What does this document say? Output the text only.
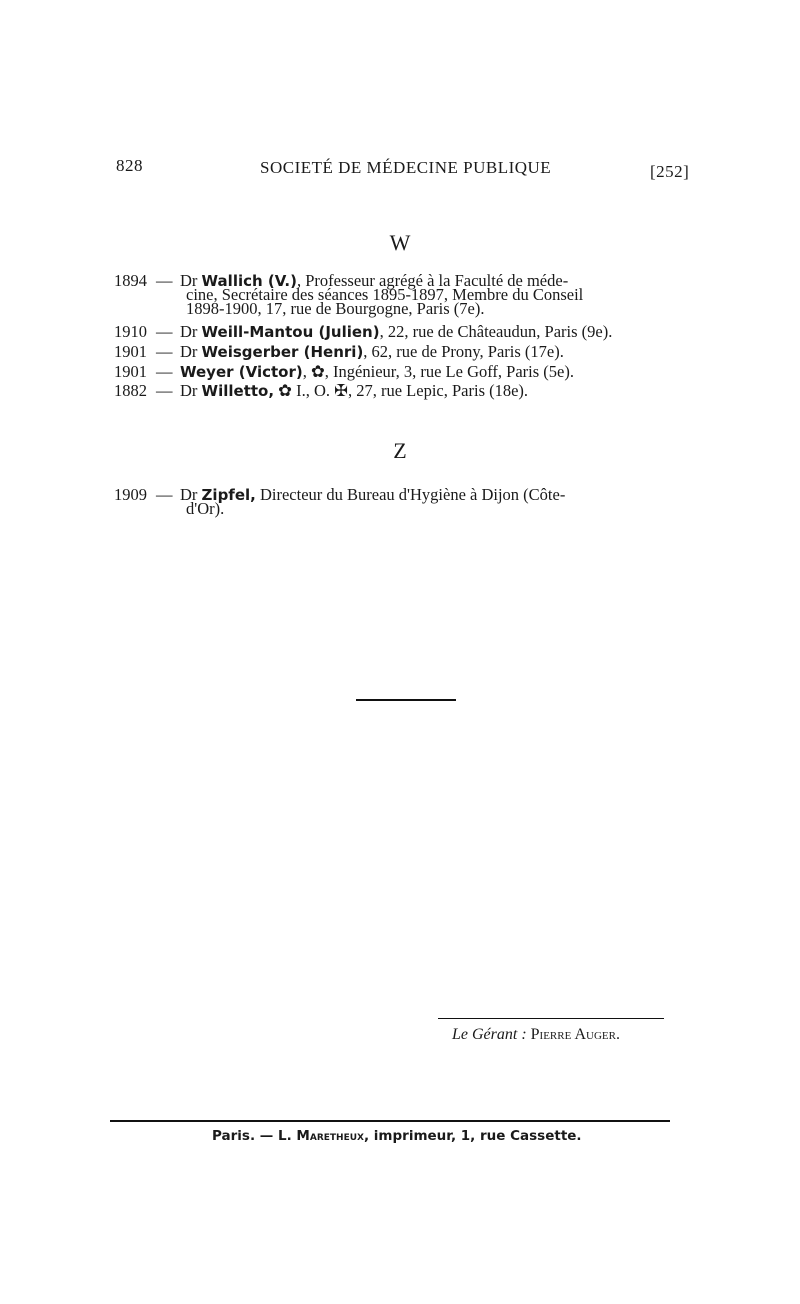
828	SOCIETÉ DE MÉDECINE PUBLIQUE	[252]
W
1894 — Dr Wallich (V.), Professeur agrégé à la Faculté de méde-

cine, Secrétaire des séances 1895-1897, Membre du Conseil
1898-1900, 17, rue de Bourgogne, Paris (7e).
1910 — Dr Weill-Mantou (Julien), 22, rue de Châteaudun, Paris (9e).
1901 — Dr Weisgerber (Henri), 62, rue de Prony, Paris (17e).
1901 — Weyer (Victor), ✿, Ingénieur, 3, rue Le Goff, Paris (5e).
1882 — Dr Willetto, ✿ I., O. ✠, 27, rue Lepic, Paris (18e).
Z
1909 — Dr Zipfel, Directeur du Bureau d'Hygiène à Dijon (Côte-

d'Or).
Le Gérant : Pierre Auger.
Paris. — L. Maretheux, imprimeur, 1, rue Cassette.
